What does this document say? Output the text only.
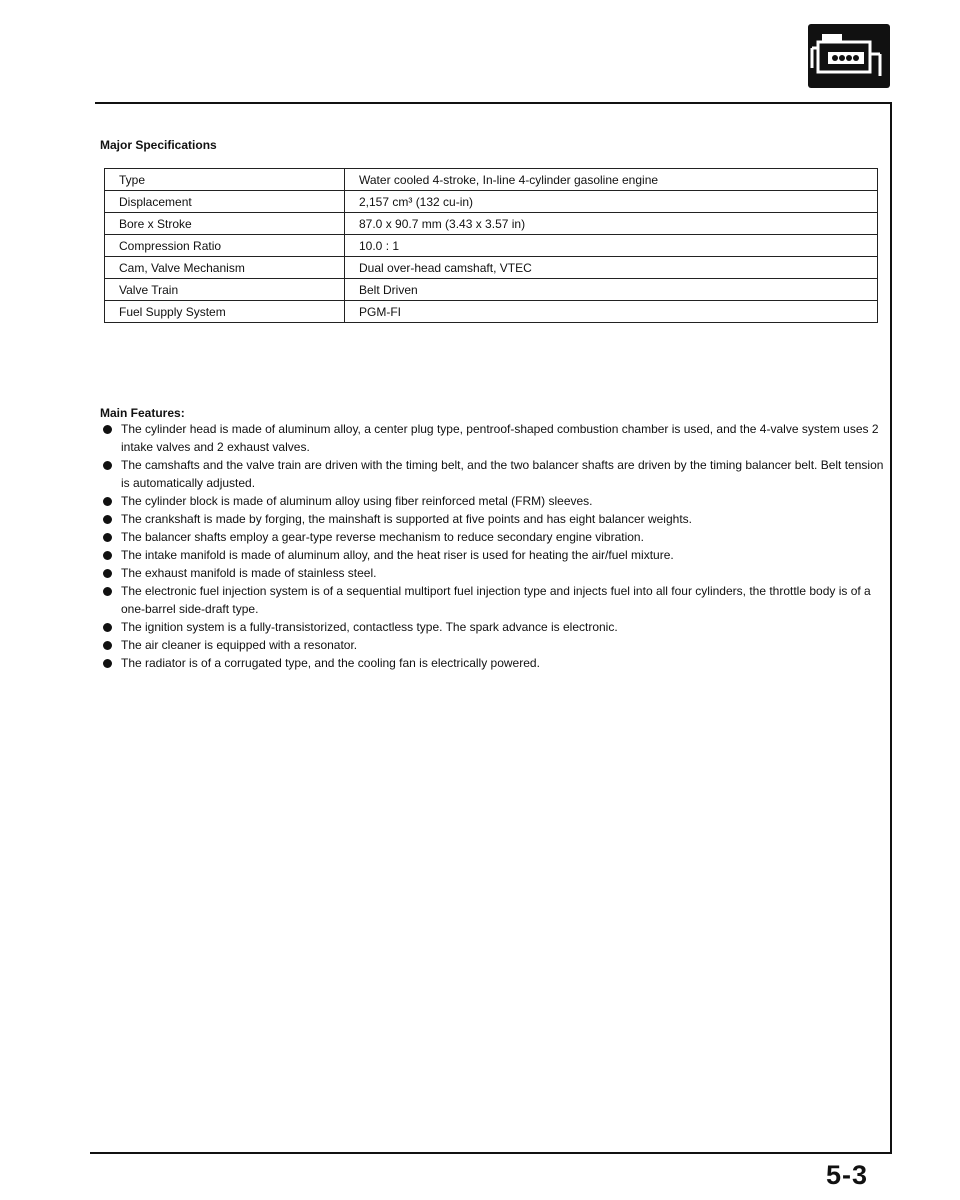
Major Specifications
Type	Water cooled 4-stroke, In-line 4-cylinder gasoline engine
Displacement	2,157 cm³ (132 cu-in)
Bore x Stroke	87.0 x 90.7 mm (3.43 x 3.57 in)
Compression Ratio	10.0 : 1
Cam, Valve Mechanism	Dual over-head camshaft, VTEC
Valve Train	Belt Driven
Fuel Supply System	PGM-FI
Main Features:
The cylinder head is made of aluminum alloy, a center plug type, pentroof-shaped combustion chamber is used, and the 4-valve system uses 2 intake valves and 2 exhaust valves.
The camshafts and the valve train are driven with the timing belt, and the two balancer shafts are driven by the timing balancer belt. Belt tension is automatically adjusted.
The cylinder block is made of aluminum alloy using fiber reinforced metal (FRM) sleeves.
The crankshaft is made by forging, the mainshaft is supported at five points and has eight balancer weights.
The balancer shafts employ a gear-type reverse mechanism to reduce secondary engine vibration.
The intake manifold is made of aluminum alloy, and the heat riser is used for heating the air/fuel mixture.
The exhaust manifold is made of stainless steel.
The electronic fuel injection system is of a sequential multiport fuel injection type and injects fuel into all four cylinders, the throttle body is of a one-barrel side-draft type.
The ignition system is a fully-transistorized, contactless type. The spark advance is electronic.
The air cleaner is equipped with a resonator.
The radiator is of a corrugated type, and the cooling fan is electrically powered.
5-3
